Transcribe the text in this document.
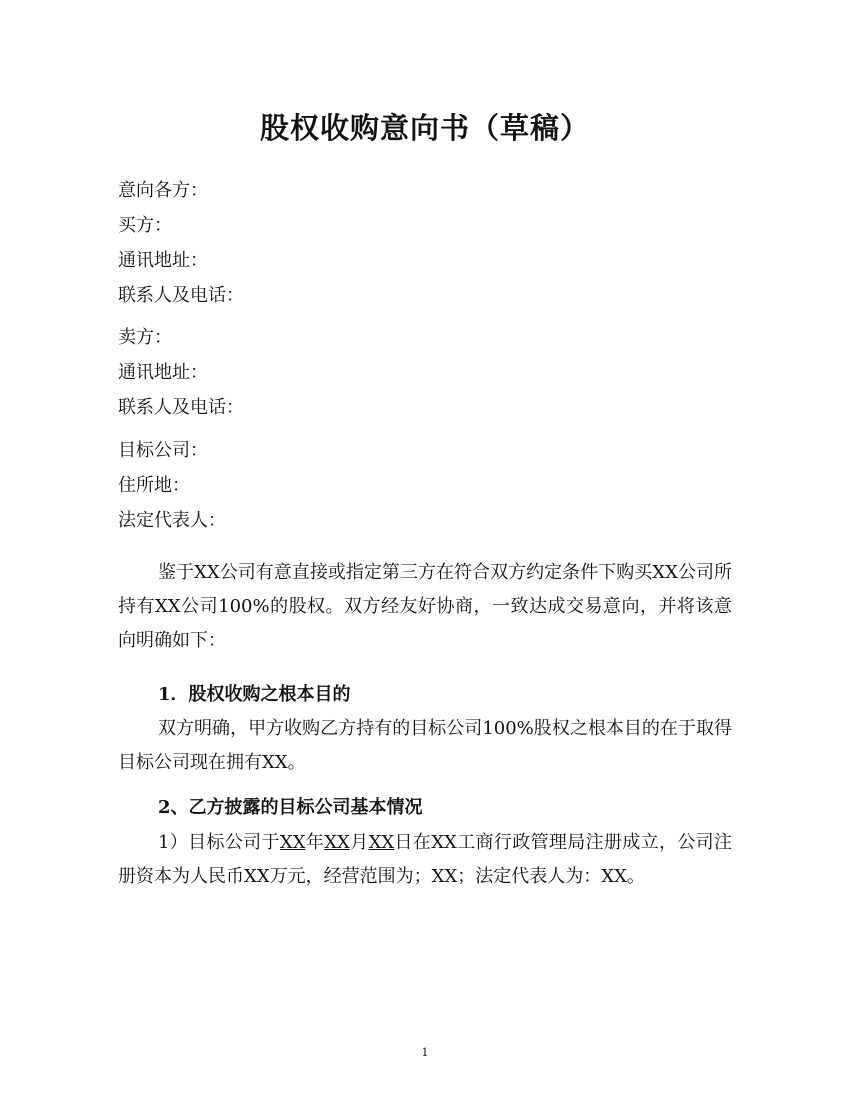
股权收购意向书（草稿）
意向各方：
买方：
通讯地址：
联系人及电话：
卖方：
通讯地址：
联系人及电话：
目标公司：
住所地：
法定代表人：
鉴于XX公司有意直接或指定第三方在符合双方约定条件下购买XX公司所持有XX公司100%的股权。双方经友好协商，一致达成交易意向，并将该意向明确如下：
1．股权收购之根本目的
双方明确，甲方收购乙方持有的目标公司100%股权之根本目的在于取得目标公司现在拥有XX。
2、乙方披露的目标公司基本情况
1）目标公司于XX年XX月XX日在XX工商行政管理局注册成立，公司注册资本为人民币XX万元，经营范围为；XX；法定代表人为：XX。
1
